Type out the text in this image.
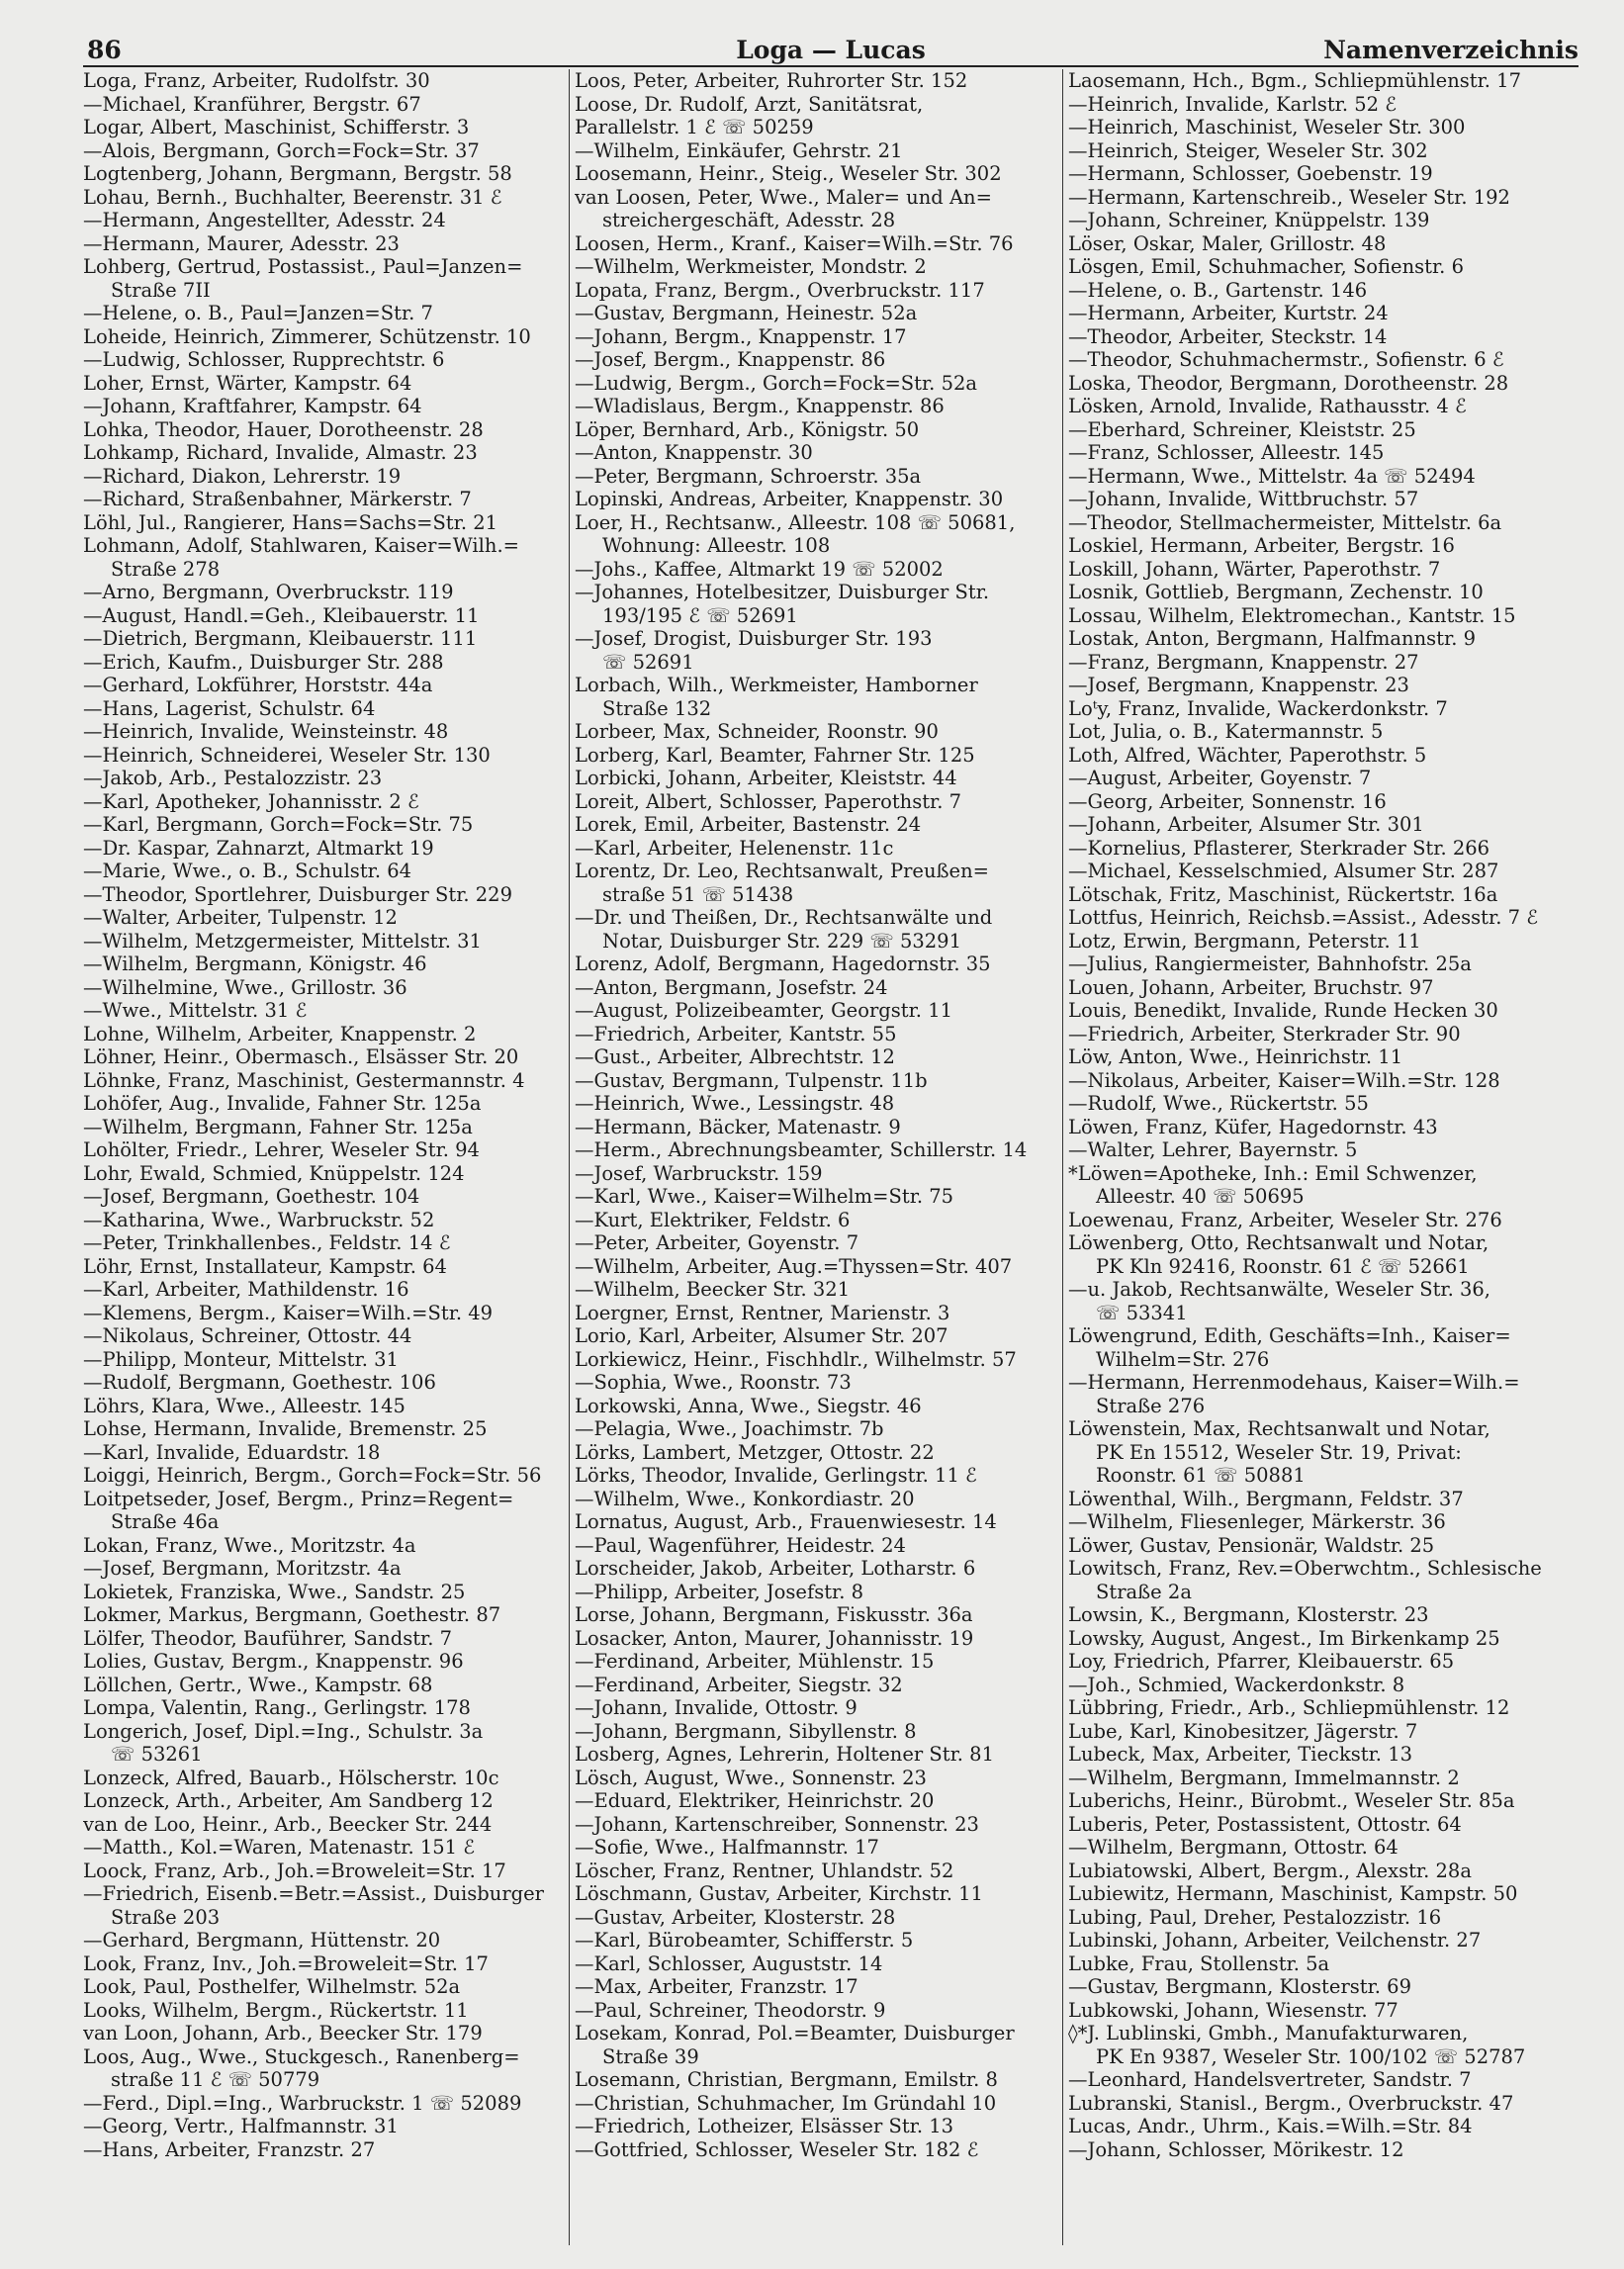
86	Loga — Lucas	Namenverzeichnis
Loga, Franz, Arbeiter, Rudolfstr. 30
—Michael, Kranführer, Bergstr. 67
Logar, Albert, Maschinist, Schifferstr. 3
—Alois, Bergmann, Gorch=Fock=Str. 37
Logtenberg, Johann, Bergmann, Bergstr. 58
Lohau, Bernh., Buchhalter, Beerenstr. 31 ℰ
—Hermann, Angestellter, Adesstr. 24
—Hermann, Maurer, Adesstr. 23
Lohberg, Gertrud, Postassist., Paul=Janzen=
Straße 7II
—Helene, o. B., Paul=Janzen=Str. 7
Loheide, Heinrich, Zimmerer, Schützenstr. 10
—Ludwig, Schlosser, Rupprechtstr. 6
Loher, Ernst, Wärter, Kampstr. 64
—Johann, Kraftfahrer, Kampstr. 64
Lohka, Theodor, Hauer, Dorotheenstr. 28
Lohkamp, Richard, Invalide, Almastr. 23
—Richard, Diakon, Lehrerstr. 19
—Richard, Straßenbahner, Märkerstr. 7
Löhl, Jul., Rangierer, Hans=Sachs=Str. 21
Lohmann, Adolf, Stahlwaren, Kaiser=Wilh.=
Straße 278
—Arno, Bergmann, Overbruckstr. 119
—August, Handl.=Geh., Kleibauerstr. 11
—Dietrich, Bergmann, Kleibauerstr. 111
—Erich, Kaufm., Duisburger Str. 288
—Gerhard, Lokführer, Horststr. 44a
—Hans, Lagerist, Schulstr. 64
—Heinrich, Invalide, Weinsteinstr. 48
—Heinrich, Schneiderei, Weseler Str. 130
—Jakob, Arb., Pestalozzistr. 23
—Karl, Apotheker, Johannisstr. 2 ℰ
—Karl, Bergmann, Gorch=Fock=Str. 75
—Dr. Kaspar, Zahnarzt, Altmarkt 19
—Marie, Wwe., o. B., Schulstr. 64
—Theodor, Sportlehrer, Duisburger Str. 229
—Walter, Arbeiter, Tulpenstr. 12
—Wilhelm, Metzgermeister, Mittelstr. 31
—Wilhelm, Bergmann, Königstr. 46
—Wilhelmine, Wwe., Grillostr. 36
—Wwe., Mittelstr. 31 ℰ
Lohne, Wilhelm, Arbeiter, Knappenstr. 2
Löhner, Heinr., Obermasch., Elsässer Str. 20
Löhnke, Franz, Maschinist, Gestermannstr. 4
Lohöfer, Aug., Invalide, Fahner Str. 125a
—Wilhelm, Bergmann, Fahner Str. 125a
Lohölter, Friedr., Lehrer, Weseler Str. 94
Lohr, Ewald, Schmied, Knüppelstr. 124
—Josef, Bergmann, Goethestr. 104
—Katharina, Wwe., Warbruckstr. 52
—Peter, Trinkhallenbes., Feldstr. 14 ℰ
Löhr, Ernst, Installateur, Kampstr. 64
—Karl, Arbeiter, Mathildenstr. 16
—Klemens, Bergm., Kaiser=Wilh.=Str. 49
—Nikolaus, Schreiner, Ottostr. 44
—Philipp, Monteur, Mittelstr. 31
—Rudolf, Bergmann, Goethestr. 106
Löhrs, Klara, Wwe., Alleestr. 145
Lohse, Hermann, Invalide, Bremenstr. 25
—Karl, Invalide, Eduardstr. 18
Loiggi, Heinrich, Bergm., Gorch=Fock=Str. 56
Loitpetseder, Josef, Bergm., Prinz=Regent=
Straße 46a
Lokan, Franz, Wwe., Moritzstr. 4a
—Josef, Bergmann, Moritzstr. 4a
Lokietek, Franziska, Wwe., Sandstr. 25
Lokmer, Markus, Bergmann, Goethestr. 87
Lölfer, Theodor, Bauführer, Sandstr. 7
Lolies, Gustav, Bergm., Knappenstr. 96
Löllchen, Gertr., Wwe., Kampstr. 68
Lompa, Valentin, Rang., Gerlingstr. 178
Longerich, Josef, Dipl.=Ing., Schulstr. 3a
☏ 53261
Lonzeck, Alfred, Bauarb., Hölscherstr. 10c
Lonzeck, Arth., Arbeiter, Am Sandberg 12
van de Loo, Heinr., Arb., Beecker Str. 244
—Matth., Kol.=Waren, Matenastr. 151 ℰ
Loock, Franz, Arb., Joh.=Broweleit=Str. 17
—Friedrich, Eisenb.=Betr.=Assist., Duisburger
Straße 203
—Gerhard, Bergmann, Hüttenstr. 20
Look, Franz, Inv., Joh.=Broweleit=Str. 17
Look, Paul, Posthelfer, Wilhelmstr. 52a
Looks, Wilhelm, Bergm., Rückertstr. 11
van Loon, Johann, Arb., Beecker Str. 179
Loos, Aug., Wwe., Stuckgesch., Ranenberg=
straße 11 ℰ ☏ 50779
—Ferd., Dipl.=Ing., Warbruckstr. 1 ☏ 52089
—Georg, Vertr., Halfmannstr. 31
—Hans, Arbeiter, Franzstr. 27
Loos, Peter, Arbeiter, Ruhrorter Str. 152
Loose, Dr. Rudolf, Arzt, Sanitätsrat,
Parallelstr. 1 ℰ ☏ 50259
—Wilhelm, Einkäufer, Gehrstr. 21
Loosemann, Heinr., Steig., Weseler Str. 302
van Loosen, Peter, Wwe., Maler= und An=
streichergeschäft, Adesstr. 28
Loosen, Herm., Kranf., Kaiser=Wilh.=Str. 76
—Wilhelm, Werkmeister, Mondstr. 2
Lopata, Franz, Bergm., Overbruckstr. 117
—Gustav, Bergmann, Heinestr. 52a
—Johann, Bergm., Knappenstr. 17
—Josef, Bergm., Knappenstr. 86
—Ludwig, Bergm., Gorch=Fock=Str. 52a
—Wladislaus, Bergm., Knappenstr. 86
Löper, Bernhard, Arb., Königstr. 50
—Anton, Knappenstr. 30
—Peter, Bergmann, Schroerstr. 35a
Lopinski, Andreas, Arbeiter, Knappenstr. 30
Loer, H., Rechtsanw., Alleestr. 108 ☏ 50681,
Wohnung: Alleestr. 108
—Johs., Kaffee, Altmarkt 19 ☏ 52002
—Johannes, Hotelbesitzer, Duisburger Str.
193/195 ℰ ☏ 52691
—Josef, Drogist, Duisburger Str. 193
☏ 52691
Lorbach, Wilh., Werkmeister, Hamborner
Straße 132
Lorbeer, Max, Schneider, Roonstr. 90
Lorberg, Karl, Beamter, Fahrner Str. 125
Lorbicki, Johann, Arbeiter, Kleiststr. 44
Loreit, Albert, Schlosser, Paperothstr. 7
Lorek, Emil, Arbeiter, Bastenstr. 24
—Karl, Arbeiter, Helenenstr. 11c
Lorentz, Dr. Leo, Rechtsanwalt, Preußen=
straße 51 ☏ 51438
—Dr. und Theißen, Dr., Rechtsanwälte und
Notar, Duisburger Str. 229 ☏ 53291
Lorenz, Adolf, Bergmann, Hagedornstr. 35
—Anton, Bergmann, Josefstr. 24
—August, Polizeibeamter, Georgstr. 11
—Friedrich, Arbeiter, Kantstr. 55
—Gust., Arbeiter, Albrechtstr. 12
—Gustav, Bergmann, Tulpenstr. 11b
—Heinrich, Wwe., Lessingstr. 48
—Hermann, Bäcker, Matenastr. 9
—Herm., Abrechnungsbeamter, Schillerstr. 14
—Josef, Warbruckstr. 159
—Karl, Wwe., Kaiser=Wilhelm=Str. 75
—Kurt, Elektriker, Feldstr. 6
—Peter, Arbeiter, Goyenstr. 7
—Wilhelm, Arbeiter, Aug.=Thyssen=Str. 407
—Wilhelm, Beecker Str. 321
Loergner, Ernst, Rentner, Marienstr. 3
Lorio, Karl, Arbeiter, Alsumer Str. 207
Lorkiewicz, Heinr., Fischhdlr., Wilhelmstr. 57
—Sophia, Wwe., Roonstr. 73
Lorkowski, Anna, Wwe., Siegstr. 46
—Pelagia, Wwe., Joachimstr. 7b
Lörks, Lambert, Metzger, Ottostr. 22
Lörks, Theodor, Invalide, Gerlingstr. 11 ℰ
—Wilhelm, Wwe., Konkordiastr. 20
Lornatus, August, Arb., Frauenwiesestr. 14
—Paul, Wagenführer, Heidestr. 24
Lorscheider, Jakob, Arbeiter, Lotharstr. 6
—Philipp, Arbeiter, Josefstr. 8
Lorse, Johann, Bergmann, Fiskusstr. 36a
Losacker, Anton, Maurer, Johannisstr. 19
—Ferdinand, Arbeiter, Mühlenstr. 15
—Ferdinand, Arbeiter, Siegstr. 32
—Johann, Invalide, Ottostr. 9
—Johann, Bergmann, Sibyllenstr. 8
Losberg, Agnes, Lehrerin, Holtener Str. 81
Lösch, August, Wwe., Sonnenstr. 23
—Eduard, Elektriker, Heinrichstr. 20
—Johann, Kartenschreiber, Sonnenstr. 23
—Sofie, Wwe., Halfmannstr. 17
Löscher, Franz, Rentner, Uhlandstr. 52
Löschmann, Gustav, Arbeiter, Kirchstr. 11
—Gustav, Arbeiter, Klosterstr. 28
—Karl, Bürobeamter, Schifferstr. 5
—Karl, Schlosser, Auguststr. 14
—Max, Arbeiter, Franzstr. 17
—Paul, Schreiner, Theodorstr. 9
Losekam, Konrad, Pol.=Beamter, Duisburger
Straße 39
Losemann, Christian, Bergmann, Emilstr. 8
—Christian, Schuhmacher, Im Gründahl 10
—Friedrich, Lotheizer, Elsässer Str. 13
—Gottfried, Schlosser, Weseler Str. 182 ℰ
Laosemann, Hch., Bgm., Schliepmühlenstr. 17
—Heinrich, Invalide, Karlstr. 52 ℰ
—Heinrich, Maschinist, Weseler Str. 300
—Heinrich, Steiger, Weseler Str. 302
—Hermann, Schlosser, Goebenstr. 19
—Hermann, Kartenschreib., Weseler Str. 192
—Johann, Schreiner, Knüppelstr. 139
Löser, Oskar, Maler, Grillostr. 48
Lösgen, Emil, Schuhmacher, Sofienstr. 6
—Helene, o. B., Gartenstr. 146
—Hermann, Arbeiter, Kurtstr. 24
—Theodor, Arbeiter, Steckstr. 14
—Theodor, Schuhmachermstr., Sofienstr. 6 ℰ
Loska, Theodor, Bergmann, Dorotheenstr. 28
Lösken, Arnold, Invalide, Rathausstr. 4 ℰ
—Eberhard, Schreiner, Kleiststr. 25
—Franz, Schlosser, Alleestr. 145
—Hermann, Wwe., Mittelstr. 4a ☏ 52494
—Johann, Invalide, Wittbruchstr. 57
—Theodor, Stellmachermeister, Mittelstr. 6a
Loskiel, Hermann, Arbeiter, Bergstr. 16
Loskill, Johann, Wärter, Paperothstr. 7
Losnik, Gottlieb, Bergmann, Zechenstr. 10
Lossau, Wilhelm, Elektromechan., Kantstr. 15
Lostak, Anton, Bergmann, Halfmannstr. 9
—Franz, Bergmann, Knappenstr. 27
—Josef, Bergmann, Knappenstr. 23
Loᵗy, Franz, Invalide, Wackerdonkstr. 7
Lot, Julia, o. B., Katermannstr. 5
Loth, Alfred, Wächter, Paperothstr. 5
—August, Arbeiter, Goyenstr. 7
—Georg, Arbeiter, Sonnenstr. 16
—Johann, Arbeiter, Alsumer Str. 301
—Kornelius, Pflasterer, Sterkrader Str. 266
—Michael, Kesselschmied, Alsumer Str. 287
Lötschak, Fritz, Maschinist, Rückertstr. 16a
Lottfus, Heinrich, Reichsb.=Assist., Adesstr. 7 ℰ
Lotz, Erwin, Bergmann, Peterstr. 11
—Julius, Rangiermeister, Bahnhofstr. 25a
Louen, Johann, Arbeiter, Bruchstr. 97
Louis, Benedikt, Invalide, Runde Hecken 30
—Friedrich, Arbeiter, Sterkrader Str. 90
Löw, Anton, Wwe., Heinrichstr. 11
—Nikolaus, Arbeiter, Kaiser=Wilh.=Str. 128
—Rudolf, Wwe., Rückertstr. 55
Löwen, Franz, Küfer, Hagedornstr. 43
—Walter, Lehrer, Bayernstr. 5
*Löwen=Apotheke, Inh.: Emil Schwenzer,
Alleestr. 40 ☏ 50695
Loewenau, Franz, Arbeiter, Weseler Str. 276
Löwenberg, Otto, Rechtsanwalt und Notar,
PK Kln 92416, Roonstr. 61 ℰ ☏ 52661
—u. Jakob, Rechtsanwälte, Weseler Str. 36,
☏ 53341
Löwengrund, Edith, Geschäfts=Inh., Kaiser=
Wilhelm=Str. 276
—Hermann, Herrenmodehaus, Kaiser=Wilh.=
Straße 276
Löwenstein, Max, Rechtsanwalt und Notar,
PK En 15512, Weseler Str. 19, Privat:
Roonstr. 61 ☏ 50881
Löwenthal, Wilh., Bergmann, Feldstr. 37
—Wilhelm, Fliesenleger, Märkerstr. 36
Löwer, Gustav, Pensionär, Waldstr. 25
Lowitsch, Franz, Rev.=Oberwchtm., Schlesische
Straße 2a
Lowsin, K., Bergmann, Klosterstr. 23
Lowsky, August, Angest., Im Birkenkamp 25
Loy, Friedrich, Pfarrer, Kleibauerstr. 65
—Joh., Schmied, Wackerdonkstr. 8
Lübbring, Friedr., Arb., Schliepmühlenstr. 12
Lube, Karl, Kinobesitzer, Jägerstr. 7
Lubeck, Max, Arbeiter, Tieckstr. 13
—Wilhelm, Bergmann, Immelmannstr. 2
Luberichs, Heinr., Bürobmt., Weseler Str. 85a
Luberis, Peter, Postassistent, Ottostr. 64
—Wilhelm, Bergmann, Ottostr. 64
Lubiatowski, Albert, Bergm., Alexstr. 28a
Lubiewitz, Hermann, Maschinist, Kampstr. 50
Lubing, Paul, Dreher, Pestalozzistr. 16
Lubinski, Johann, Arbeiter, Veilchenstr. 27
Lubke, Frau, Stollenstr. 5a
—Gustav, Bergmann, Klosterstr. 69
Lubkowski, Johann, Wiesenstr. 77
◊*J. Lublinski, Gmbh., Manufakturwaren,
PK En 9387, Weseler Str. 100/102 ☏ 52787
—Leonhard, Handelsvertreter, Sandstr. 7
Lubranski, Stanisl., Bergm., Overbruckstr. 47
Lucas, Andr., Uhrm., Kais.=Wilh.=Str. 84
—Johann, Schlosser, Mörikestr. 12
